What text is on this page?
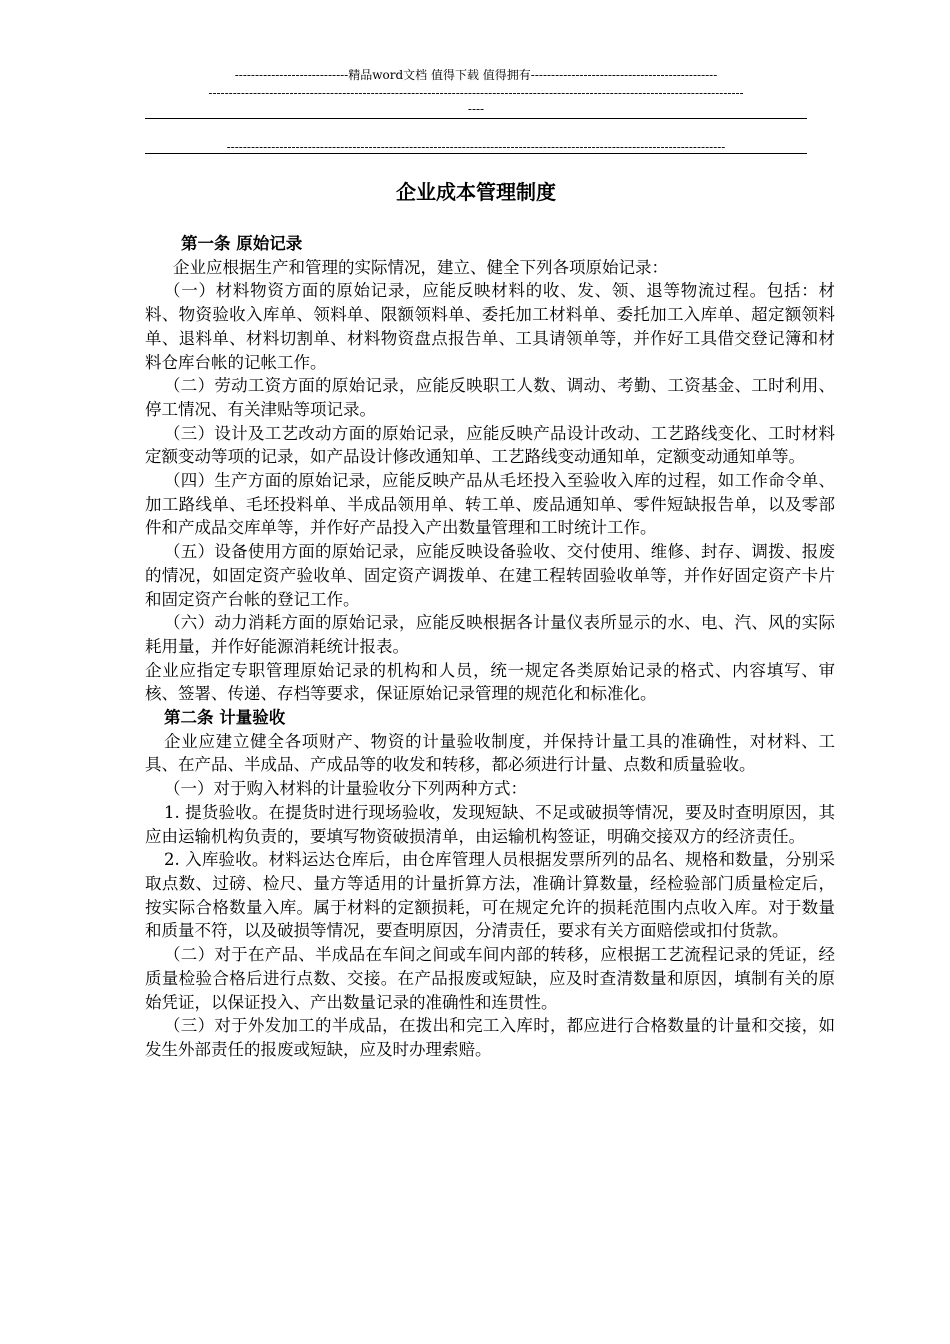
----------------------------精品word文档 值得下载 值得拥有----------------------------------------------
------------------------------------------------------------------------------------------------------------------------------------
----
---------------------------------------------------------------------------------------------------------------------------
企业成本管理制度

第一条 原始记录

企业应根据生产和管理的实际情况，建立、健全下列各项原始记录：

（一）材料物资方面的原始记录，应能反映材料的收、发、领、退等物流过程。包括：材料、物资验收入库单、领料单、限额领料单、委托加工材料单、委托加工入库单、超定额领料单、退料单、材料切割单、材料物资盘点报告单、工具请领单等，并作好工具借交登记簿和材料仓库台帐的记帐工作。

（二）劳动工资方面的原始记录，应能反映职工人数、调动、考勤、工资基金、工时利用、停工情况、有关津贴等项记录。

（三）设计及工艺改动方面的原始记录，应能反映产品设计改动、工艺路线变化、工时材料定额变动等项的记录，如产品设计修改通知单、工艺路线变动通知单，定额变动通知单等。

（四）生产方面的原始记录，应能反映产品从毛坯投入至验收入库的过程，如工作命令单、加工路线单、毛坯投料单、半成品领用单、转工单、废品通知单、零件短缺报告单，以及零部件和产成品交库单等，并作好产品投入产出数量管理和工时统计工作。

（五）设备使用方面的原始记录，应能反映设备验收、交付使用、维修、封存、调拨、报废的情况，如固定资产验收单、固定资产调拨单、在建工程转固验收单等，并作好固定资产卡片和固定资产台帐的登记工作。

（六）动力消耗方面的原始记录，应能反映根据各计量仪表所显示的水、电、汽、风的实际耗用量，并作好能源消耗统计报表。

企业应指定专职管理原始记录的机构和人员，统一规定各类原始记录的格式、内容填写、审核、签署、传递、存档等要求，保证原始记录管理的规范化和标准化。

第二条 计量验收

企业应建立健全各项财产、物资的计量验收制度，并保持计量工具的准确性，对材料、工具、在产品、半成品、产成品等的收发和转移，都必须进行计量、点数和质量验收。

（一）对于购入材料的计量验收分下列两种方式：

1. 提货验收。在提货时进行现场验收，发现短缺、不足或破损等情况，要及时查明原因，其应由运输机构负责的，要填写物资破损清单，由运输机构签证，明确交接双方的经济责任。

2. 入库验收。材料运达仓库后，由仓库管理人员根据发票所列的品名、规格和数量，分别采取点数、过磅、检尺、量方等适用的计量折算方法，准确计算数量，经检验部门质量检定后，按实际合格数量入库。属于材料的定额损耗，可在规定允许的损耗范围内点收入库。对于数量和质量不符，以及破损等情况，要查明原因，分清责任，要求有关方面赔偿或扣付货款。

（二）对于在产品、半成品在车间之间或车间内部的转移，应根据工艺流程记录的凭证，经质量检验合格后进行点数、交接。在产品报废或短缺，应及时查清数量和原因，填制有关的原始凭证，以保证投入、产出数量记录的准确性和连贯性。

（三）对于外发加工的半成品，在拨出和完工入库时，都应进行合格数量的计量和交接，如发生外部责任的报废或短缺，应及时办理索赔。
